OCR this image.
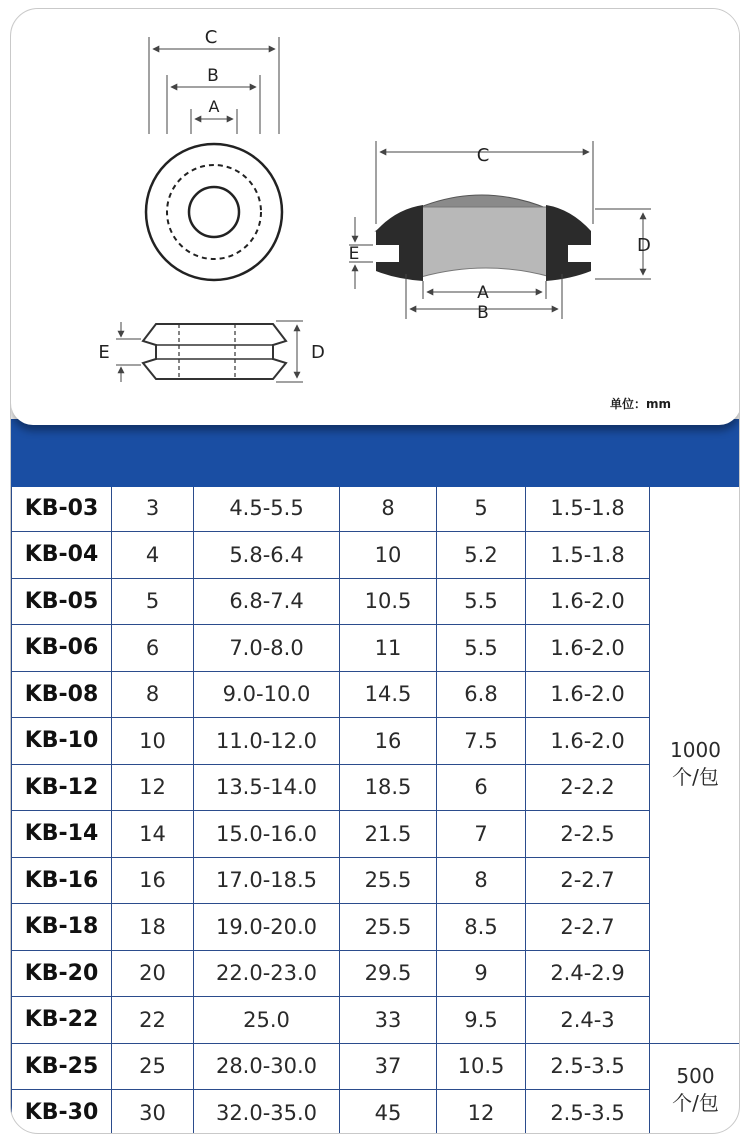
C
B
A
E	D
C
E	D
A
B
单位：mm

KB-03	3	4.5-5.5	8	5	1.5-1.8	1000
个/包
KB-04	4	5.8-6.4	10	5.2	1.5-1.8	
KB-05	5	6.8-7.4	10.5	5.5	1.6-2.0	
KB-06	6	7.0-8.0	11	5.5	1.6-2.0	
KB-08	8	9.0-10.0	14.5	6.8	1.6-2.0	
KB-10	10	11.0-12.0	16	7.5	1.6-2.0	
KB-12	12	13.5-14.0	18.5	6	2-2.2	
KB-14	14	15.0-16.0	21.5	7	2-2.5	
KB-16	16	17.0-18.5	25.5	8	2-2.7	
KB-18	18	19.0-20.0	25.5	8.5	2-2.7	
KB-20	20	22.0-23.0	29.5	9	2.4-2.9	
KB-22	22	25.0	33	9.5	2.4-3	
KB-25	25	28.0-30.0	37	10.5	2.5-3.5	500
个/包
KB-30	30	32.0-35.0	45	12	2.5-3.5	
